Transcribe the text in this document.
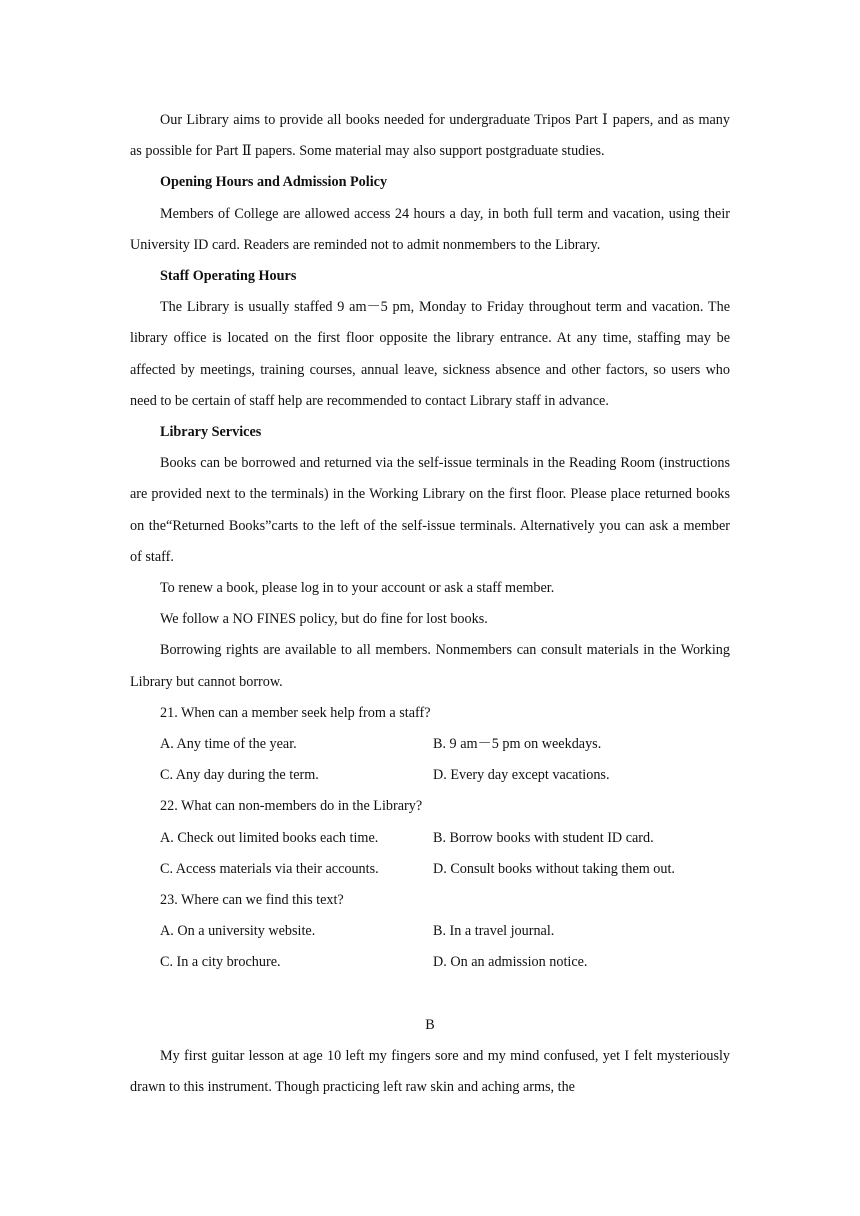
Our Library aims to provide all books needed for undergraduate Tripos Part Ⅰ papers, and as many as possible for Part Ⅱ papers. Some material may also support postgraduate studies.

Opening Hours and Admission Policy

Members of College are allowed access 24 hours a day, in both full term and vacation, using their University ID card. Readers are reminded not to admit nonmembers to the Library.

Staff Operating Hours

The Library is usually staffed 9 am－5 pm, Monday to Friday throughout term and vacation. The library office is located on the first floor opposite the library entrance. At any time, staffing may be affected by meetings, training courses, annual leave, sickness absence and other factors, so users who need to be certain of staff help are recommended to contact Library staff in advance.

Library Services

Books can be borrowed and returned via the self-issue terminals in the Reading Room (instructions are provided next to the terminals) in the Working Library on the first floor. Please place returned books on the“Returned Books”carts to the left of the self-issue terminals. Alternatively you can ask a member of staff.

To renew a book, please log in to your account or ask a staff member.

We follow a NO FINES policy, but do fine for lost books.

Borrowing rights are available to all members. Nonmembers can consult materials in the Working Library but cannot borrow.

21. When can a member seek help from a staff?

A. Any time of the year.	B. 9 am－5 pm on weekdays.
C. Any day during the term.	D. Every day except vacations.

22. What can non-members do in the Library?

A. Check out limited books each time.	B. Borrow books with student ID card.
C. Access materials via their accounts.	D. Consult books without taking them out.

23. Where can we find this text?

A. On a university website.	B. In a travel journal.
C. In a city brochure.	D. On an admission notice.

B

My first guitar lesson at age 10 left my fingers sore and my mind confused, yet I felt mysteriously drawn to this instrument. Though practicing left raw skin and aching arms, the
